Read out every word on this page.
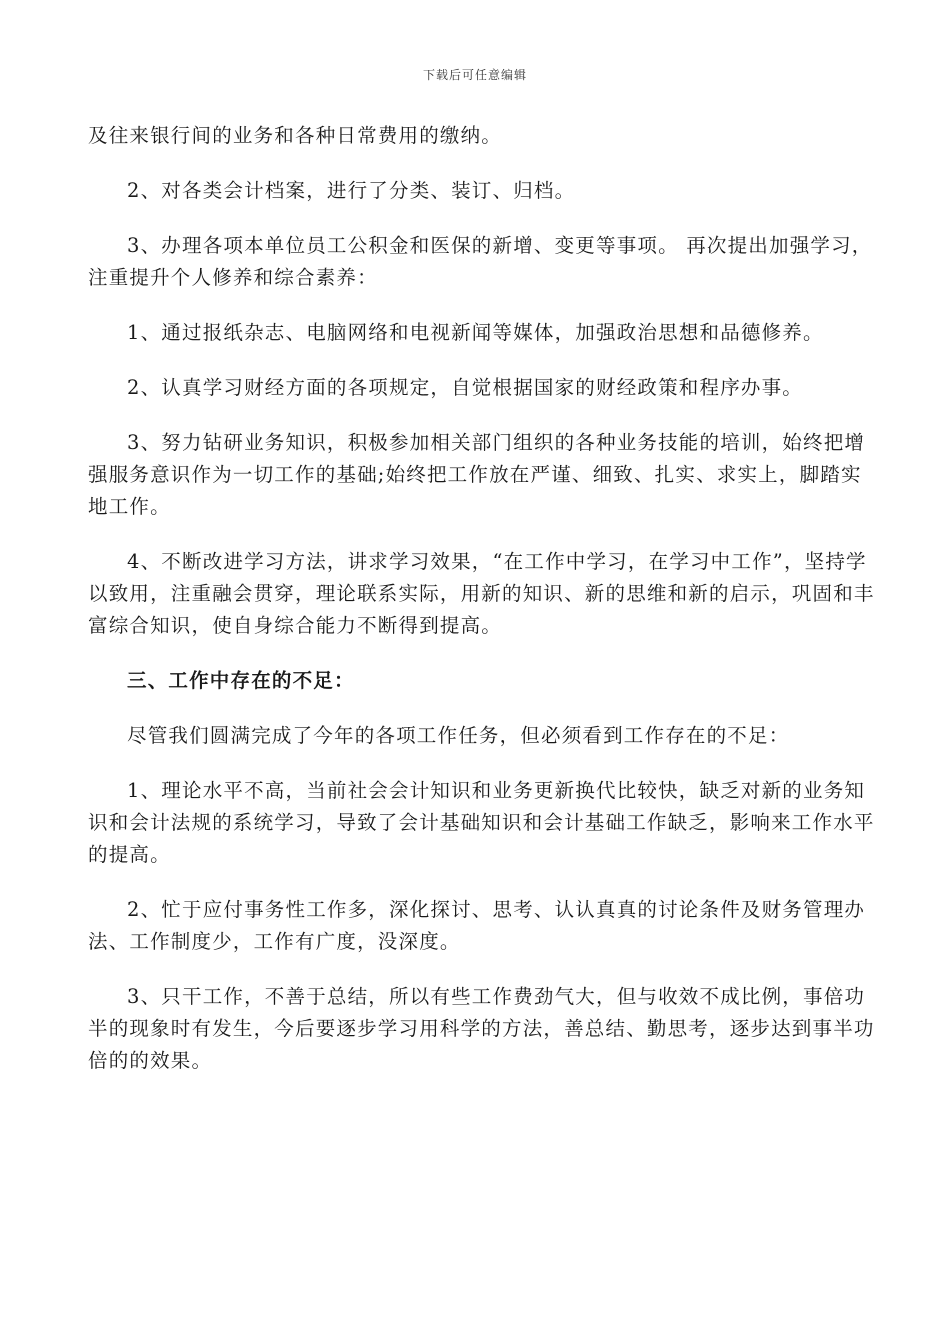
下载后可任意编辑

及往来银行间的业务和各种日常费用的缴纳。

2、对各类会计档案，进行了分类、装订、归档。

3、办理各项本单位员工公积金和医保的新增、变更等事项。 再次提出加强学习，注重提升个人修养和综合素养：

1、通过报纸杂志、电脑网络和电视新闻等媒体，加强政治思想和品德修养。

2、认真学习财经方面的各项规定，自觉根据国家的财经政策和程序办事。

3、努力钻研业务知识，积极参加相关部门组织的各种业务技能的培训，始终把增强服务意识作为一切工作的基础;始终把工作放在严谨、细致、扎实、求实上，脚踏实地工作。

4、不断改进学习方法，讲求学习效果，“在工作中学习，在学习中工作”，坚持学以致用，注重融会贯穿，理论联系实际，用新的知识、新的思维和新的启示，巩固和丰富综合知识，使自身综合能力不断得到提高。

三、工作中存在的不足：

尽管我们圆满完成了今年的各项工作任务，但必须看到工作存在的不足：

1、理论水平不高，当前社会会计知识和业务更新换代比较快，缺乏对新的业务知识和会计法规的系统学习，导致了会计基础知识和会计基础工作缺乏，影响来工作水平的提高。

2、忙于应付事务性工作多，深化探讨、思考、认认真真的讨论条件及财务管理办法、工作制度少，工作有广度，没深度。

3、只干工作，不善于总结，所以有些工作费劲气大，但与收效不成比例，事倍功半的现象时有发生，今后要逐步学习用科学的方法，善总结、勤思考，逐步达到事半功倍的的效果。
